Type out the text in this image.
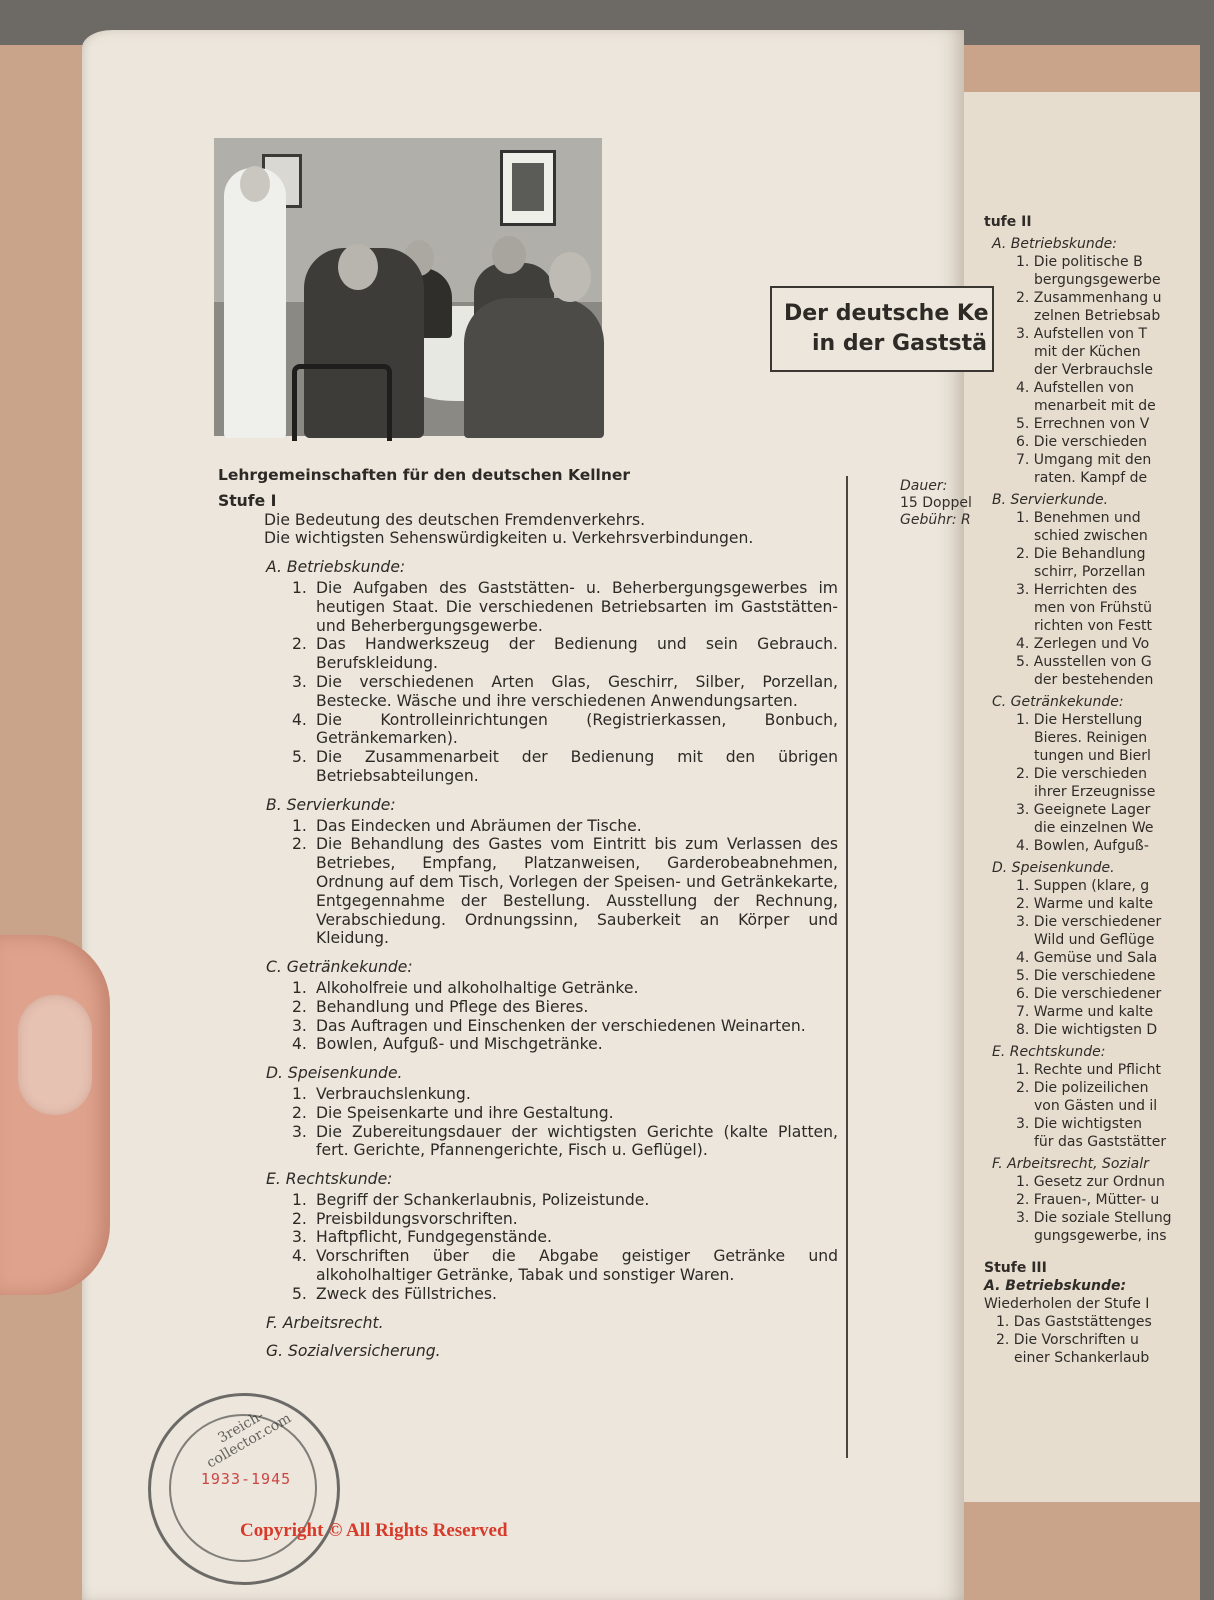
tufe II
A. Betriebskunde:
1. Die politische B
bergungsgewerbe
2. Zusammenhang u
zelnen Betriebsab
3. Aufstellen von T
mit der Küchen
der Verbrauchsle
4. Aufstellen von
menarbeit mit de
5. Errechnen von V
6. Die verschieden
7. Umgang mit den
raten. Kampf de
B. Servierkunde.
1. Benehmen und
schied zwischen
2. Die Behandlung
schirr, Porzellan
3. Herrichten des
men von Frühstü
richten von Festt
4. Zerlegen und Vo
5. Ausstellen von G
der bestehenden
C. Getränkekunde:
1. Die Herstellung
Bieres. Reinigen
tungen und Bierl
2. Die verschieden
ihrer Erzeugnisse
3. Geeignete Lager
die einzelnen We
4. Bowlen, Aufguß-
D. Speisenkunde.
1. Suppen (klare, g
2. Warme und kalte
3. Die verschiedener
Wild und Geflüge
4. Gemüse und Sala
5. Die verschiedene
6. Die verschiedener
7. Warme und kalte
8. Die wichtigsten D
E. Rechtskunde:
1. Rechte und Pflicht
2. Die polizeilichen
von Gästen und il
3. Die wichtigsten
für das Gaststätter
F. Arbeitsrecht, Sozialr
1. Gesetz zur Ordnun
2. Frauen-, Mütter- u
3. Die soziale Stellung
gungsgewerbe, ins
Stufe III
A. Betriebskunde:
Wiederholen der Stufe I
1. Das Gaststättenges
2. Die Vorschriften u
einer Schankerlaub
Der deutsche Ke
in der Gaststä
Dauer:
15 Doppel
Gebühr: R
Lehrgemeinschaften für den deutschen Kellner
Stufe I
Die Bedeutung des deutschen Fremdenverkehrs.
Die wichtigsten Sehenswürdigkeiten u. Verkehrsverbindungen.
A. Betriebskunde:
1. Die Aufgaben des Gaststätten- u. Beherbergungsgewerbes im heutigen Staat. Die verschiedenen Betriebsarten im Gaststätten- und Beherbergungsgewerbe.
2. Das Handwerkszeug der Bedienung und sein Gebrauch. Berufskleidung.
3. Die verschiedenen Arten Glas, Geschirr, Silber, Porzellan, Bestecke. Wäsche und ihre verschiedenen Anwendungsarten.
4. Die Kontrolleinrichtungen (Registrierkassen, Bonbuch, Getränkemarken).
5. Die Zusammenarbeit der Bedienung mit den übrigen Betriebsabteilungen.
B. Servierkunde:
1. Das Eindecken und Abräumen der Tische.
2. Die Behandlung des Gastes vom Eintritt bis zum Verlassen des Betriebes, Empfang, Platzanweisen, Garderobeabnehmen, Ordnung auf dem Tisch, Vorlegen der Speisen- und Getränkekarte, Entgegennahme der Bestellung. Ausstellung der Rechnung, Verabschiedung. Ordnungssinn, Sauberkeit an Körper und Kleidung.
C. Getränkekunde:
1. Alkoholfreie und alkoholhaltige Getränke.
2. Behandlung und Pflege des Bieres.
3. Das Auftragen und Einschenken der verschiedenen Weinarten.
4. Bowlen, Aufguß- und Mischgetränke.
D. Speisenkunde.
1. Verbrauchslenkung.
2. Die Speisenkarte und ihre Gestaltung.
3. Die Zubereitungsdauer der wichtigsten Gerichte (kalte Platten, fert. Gerichte, Pfannengerichte, Fisch u. Geflügel).
E. Rechtskunde:
1. Begriff der Schankerlaubnis, Polizeistunde.
2. Preisbildungsvorschriften.
3. Haftpflicht, Fundgegenstände.
4. Vorschriften über die Abgabe geistiger Getränke und alkoholhaltiger Getränke, Tabak und sonstiger Waren.
5. Zweck des Füllstriches.
F. Arbeitsrecht.
G. Sozialversicherung.
3reich-collector.com
1933-1945
Copyright © All Rights Reserved
